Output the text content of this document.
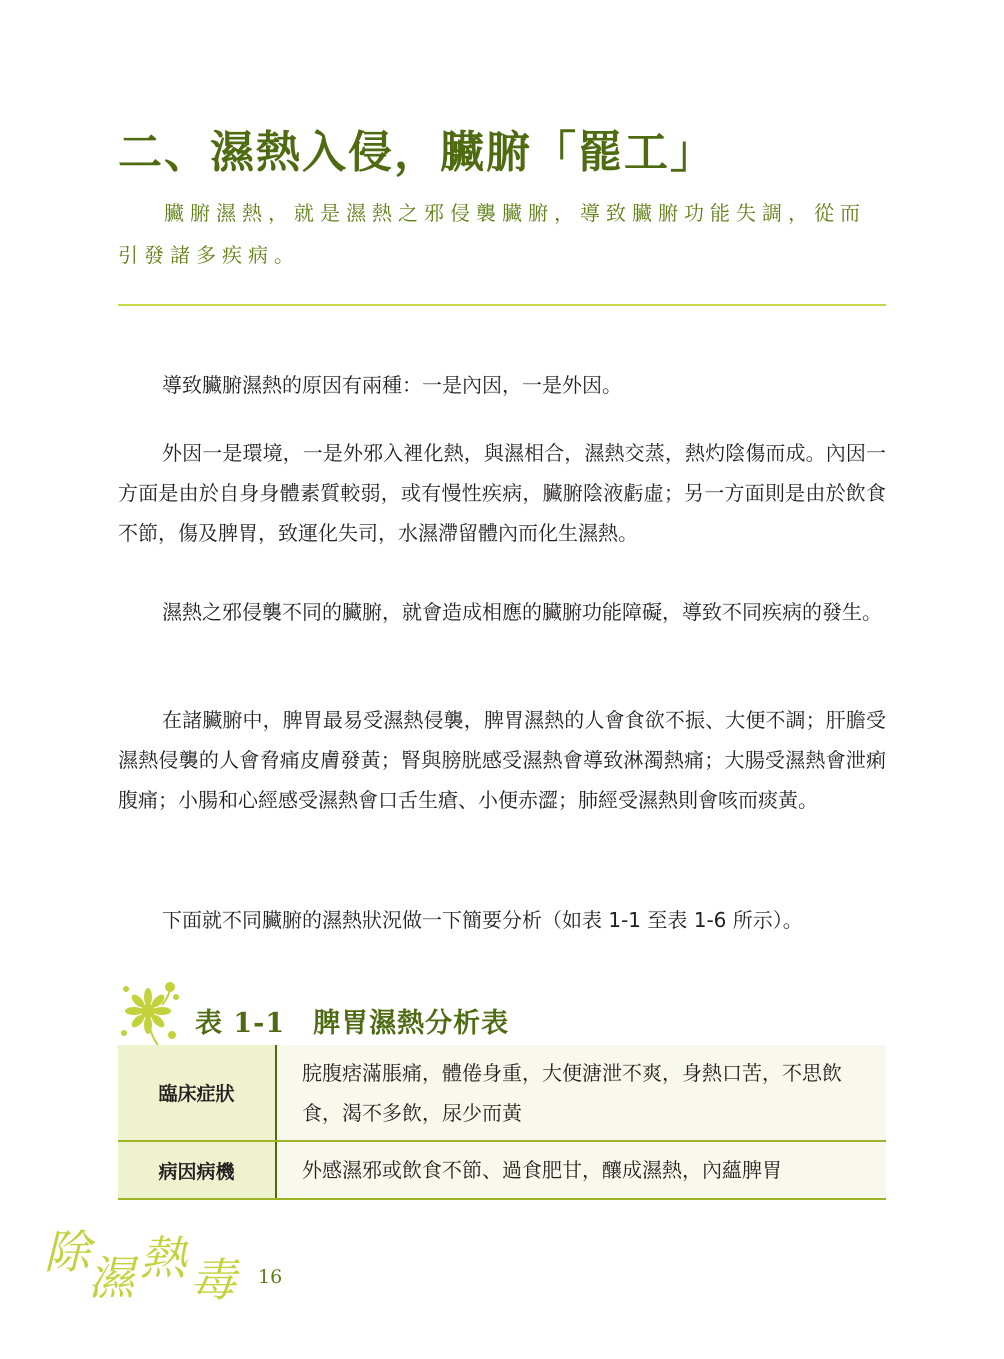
二、濕熱入侵，臟腑「罷工」

臟腑濕熱，就是濕熱之邪侵襲臟腑，導致臟腑功能失調，從而
引發諸多疾病。

導致臟腑濕熱的原因有兩種：一是內因，一是外因。

外因一是環境，一是外邪入裡化熱，與濕相合，濕熱交蒸，熱灼陰傷而成。內因一方面是由於自身身體素質較弱，或有慢性疾病，臟腑陰液虧虛；另一方面則是由於飲食不節，傷及脾胃，致運化失司，水濕滯留體內而化生濕熱。

濕熱之邪侵襲不同的臟腑，就會造成相應的臟腑功能障礙，導致不同疾病的發生。

在諸臟腑中，脾胃最易受濕熱侵襲，脾胃濕熱的人會食欲不振、大便不調；肝膽受濕熱侵襲的人會脅痛皮膚發黃；腎與膀胱感受濕熱會導致淋濁熱痛；大腸受濕熱會泄痢腹痛；小腸和心經感受濕熱會口舌生瘡、小便赤澀；肺經受濕熱則會咳而痰黃。

下面就不同臟腑的濕熱狀況做一下簡要分析（如表 1-1 至表 1-6 所示）。

表 1-1　脾胃濕熱分析表
臨床症狀	脘腹痞滿脹痛，體倦身重，大便溏泄不爽，身熱口苦，不思飲食，渴不多飲，尿少而黃
病因病機	外感濕邪或飲食不節、過食肥甘，釀成濕熱，內蘊脾胃
除
濕 熱 毒 16
